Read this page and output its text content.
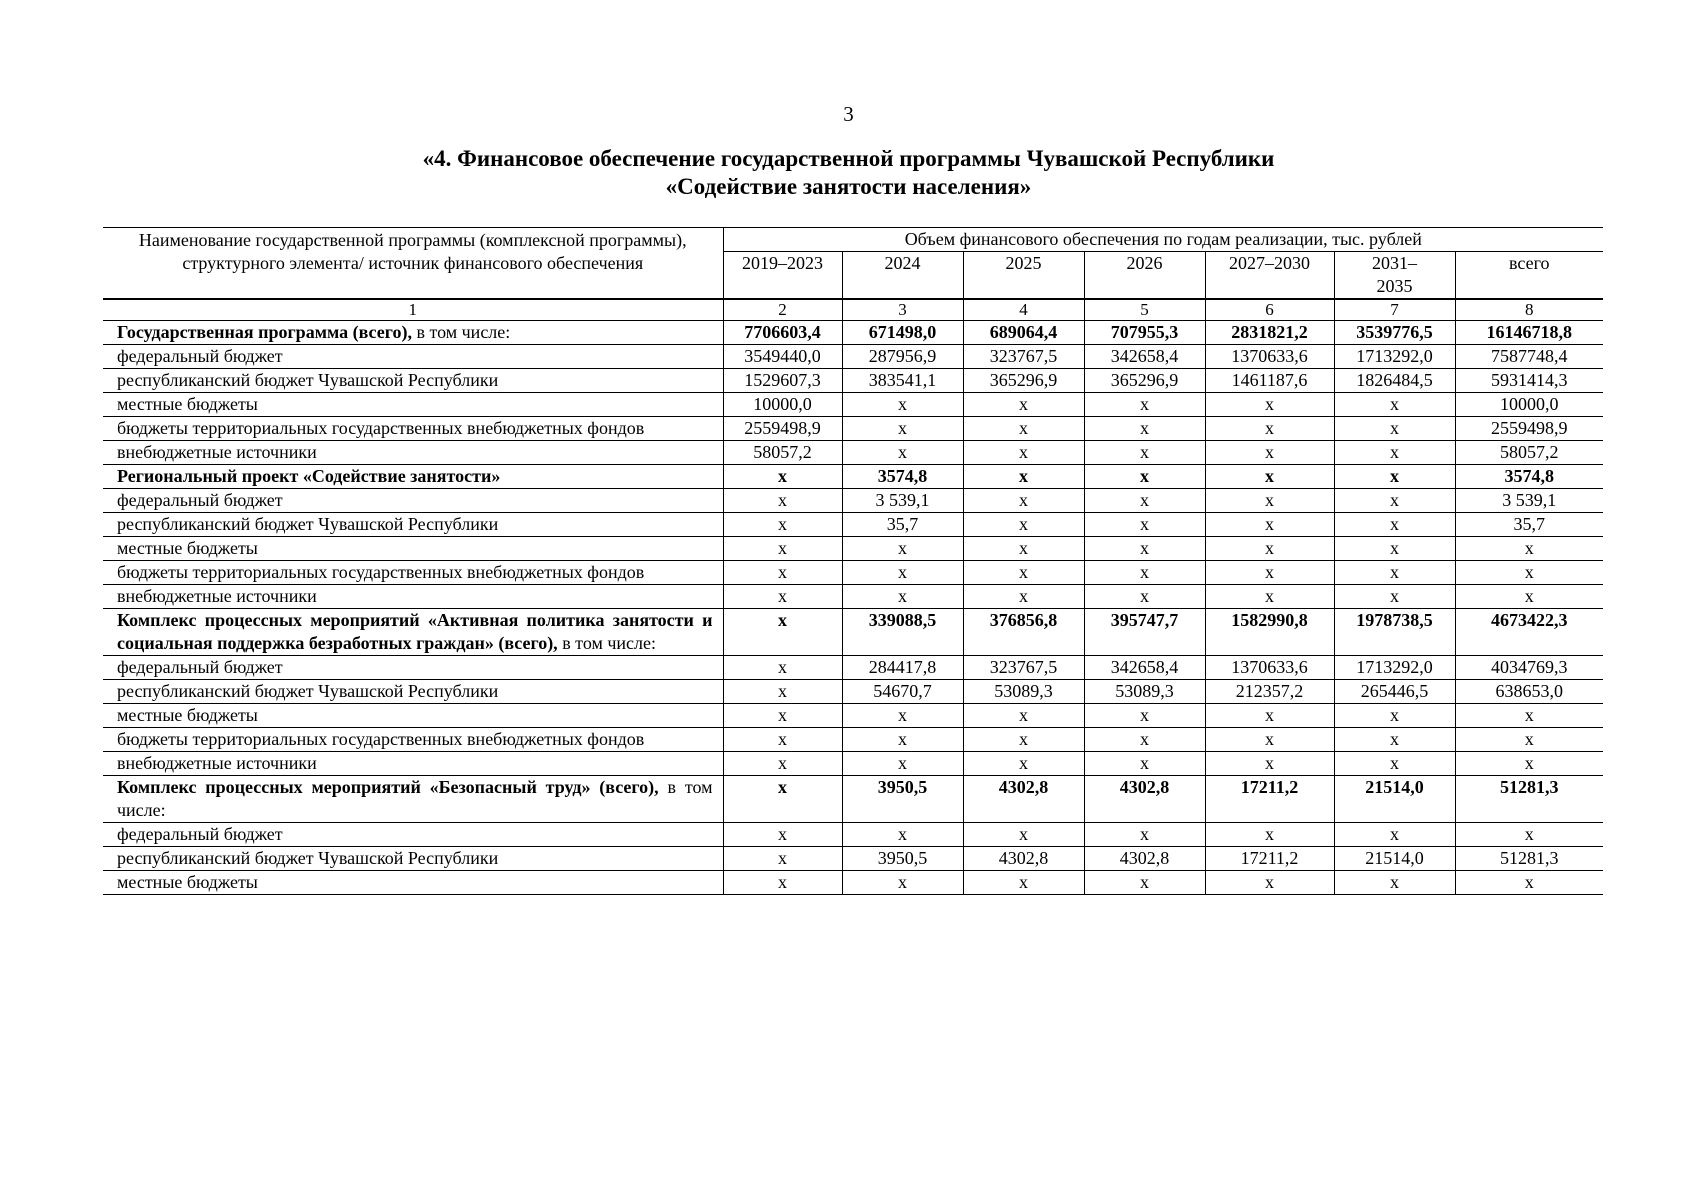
3
«4. Финансовое обеспечение государственной программы Чувашской Республики
«Содействие занятости населения»
Наименование государственной программы (комплексной программы), структурного элемента/ источник финансового обеспечения	Объем финансового обеспечения по годам реализации, тыс. рублей						
	2019–2023	2024	2025	2026	2027–2030	2031–2035	всего
1	2	3	4	5	6	7	8
Государственная программа (всего), в том числе:	7706603,4	671498,0	689064,4	707955,3	2831821,2	3539776,5	16146718,8
федеральный бюджет	3549440,0	287956,9	323767,5	342658,4	1370633,6	1713292,0	7587748,4
республиканский бюджет Чувашской Республики	1529607,3	383541,1	365296,9	365296,9	1461187,6	1826484,5	5931414,3
местные бюджеты	10000,0	х	х	х	х	х	10000,0
бюджеты территориальных государственных внебюджетных фондов	2559498,9	х	х	х	х	х	2559498,9
внебюджетные источники	58057,2	х	х	х	х	х	58057,2
Региональный проект «Содействие занятости»	х	3574,8	х	х	х	х	3574,8
федеральный бюджет	х	3 539,1	х	х	х	х	3 539,1
республиканский бюджет Чувашской Республики	х	35,7	х	х	х	х	35,7
местные бюджеты	х	х	х	х	х	х	х
бюджеты территориальных государственных внебюджетных фондов	х	х	х	х	х	х	х
внебюджетные источники	х	х	х	х	х	х	х
Комплекс процессных мероприятий «Активная политика занятости и социальная поддержка безработных граждан» (всего), в том числе:	х	339088,5	376856,8	395747,7	1582990,8	1978738,5	4673422,3
федеральный бюджет	х	284417,8	323767,5	342658,4	1370633,6	1713292,0	4034769,3
республиканский бюджет Чувашской Республики	х	54670,7	53089,3	53089,3	212357,2	265446,5	638653,0
местные бюджеты	х	х	х	х	х	х	х
бюджеты территориальных государственных внебюджетных фондов	х	х	х	х	х	х	х
внебюджетные источники	х	х	х	х	х	х	х
Комплекс процессных мероприятий «Безопасный труд» (всего), в том числе:	х	3950,5	4302,8	4302,8	17211,2	21514,0	51281,3
федеральный бюджет	х	х	х	х	х	х	х
республиканский бюджет Чувашской Республики	х	3950,5	4302,8	4302,8	17211,2	21514,0	51281,3
местные бюджеты	х	х	х	х	х	х	х
